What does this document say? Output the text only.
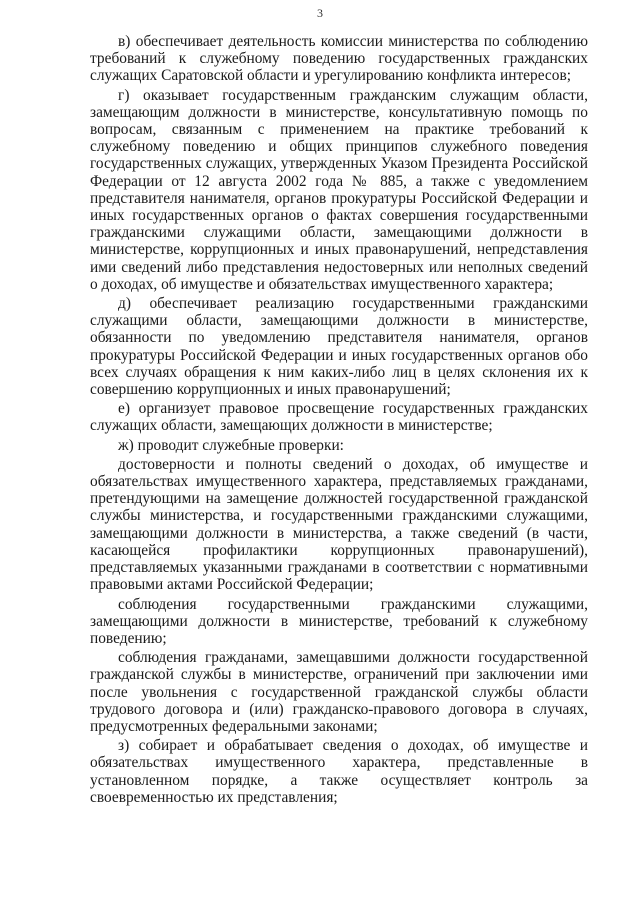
3

в) обеспечивает деятельность комиссии министерства по соблюдению требований к служебному поведению государственных гражданских служащих Саратовской области и урегулированию конфликта интересов;

г) оказывает государственным гражданским служащим области, замещающим должности в министерстве, консультативную помощь по вопросам, связанным с применением на практике требований к служебному поведению и общих принципов служебного поведения государственных служащих, утвержденных Указом Президента Российской Федерации от 12 августа 2002 года № 885, а также с уведомлением представителя нанимателя, органов прокуратуры Российской Федерации и иных государственных органов о фактах совершения государственными гражданскими служащими области, замещающими должности в министерстве, коррупционных и иных правонарушений, непредставления ими сведений либо представления недостоверных или неполных сведений о доходах, об имуществе и обязательствах имущественного характера;

д) обеспечивает реализацию государственными гражданскими служащими области, замещающими должности в министерстве, обязанности по уведомлению представителя нанимателя, органов прокуратуры Российской Федерации и иных государственных органов обо всех случаях обращения к ним каких-либо лиц в целях склонения их к совершению коррупционных и иных правонарушений;

е) организует правовое просвещение государственных гражданских служащих области, замещающих должности в министерстве;

ж) проводит служебные проверки:

достоверности и полноты сведений о доходах, об имуществе и обязательствах имущественного характера, представляемых гражданами, претендующими на замещение должностей государственной гражданской службы министерства, и государственными гражданскими служащими, замещающими должности в министерства, а также сведений (в части, касающейся профилактики коррупционных правонарушений), представляемых указанными гражданами в соответствии с нормативными правовыми актами Российской Федерации;

соблюдения государственными гражданскими служащими, замещающими должности в министерстве, требований к служебному поведению;

соблюдения гражданами, замещавшими должности государственной гражданской службы в министерстве, ограничений при заключении ими после увольнения с государственной гражданской службы области трудового договора и (или) гражданско-правового договора в случаях, предусмотренных федеральными законами;

з) собирает и обрабатывает сведения о доходах, об имуществе и обязательствах имущественного характера, представленные в установленном порядке, а также осуществляет контроль за своевременностью их представления;
